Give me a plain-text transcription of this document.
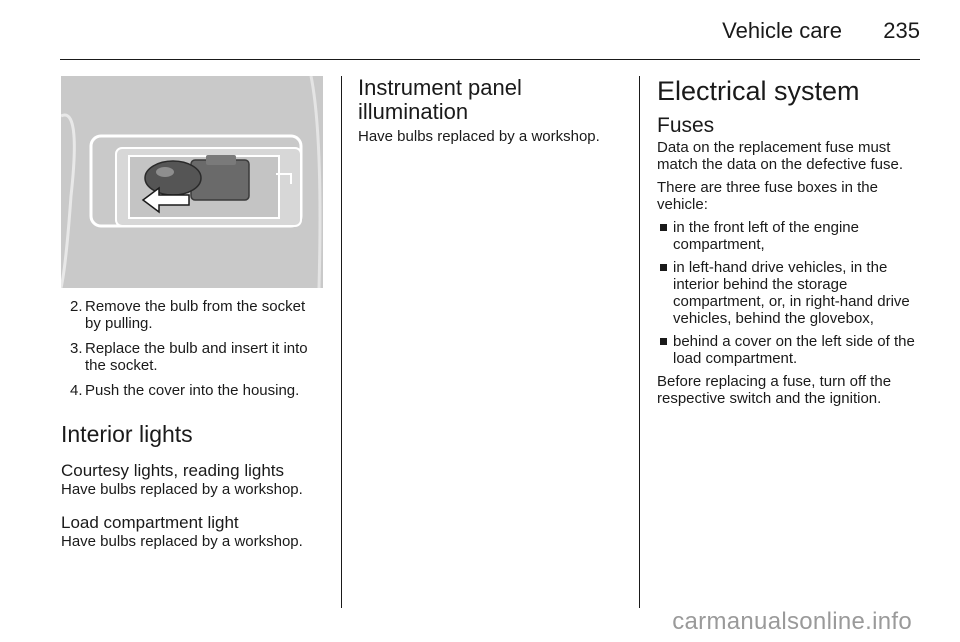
Vehicle care 235
2. Remove the bulb from the socket by pulling.
3. Replace the bulb and insert it into the socket.
4. Push the cover into the housing.
Interior lights
Courtesy lights, reading lights

Have bulbs replaced by a workshop.

Load compartment light

Have bulbs replaced by a workshop.

Instrument panel illumination

Have bulbs replaced by a workshop.

Electrical system
Fuses

Data on the replacement fuse must match the data on the defective fuse.

There are three fuse boxes in the vehicle:

in the front left of the engine compartment,
in left-hand drive vehicles, in the interior behind the storage compartment, or, in right-hand drive vehicles, behind the glovebox,
behind a cover on the left side of the load compartment.

Before replacing a fuse, turn off the respective switch and the ignition.

carmanualsonline.info
